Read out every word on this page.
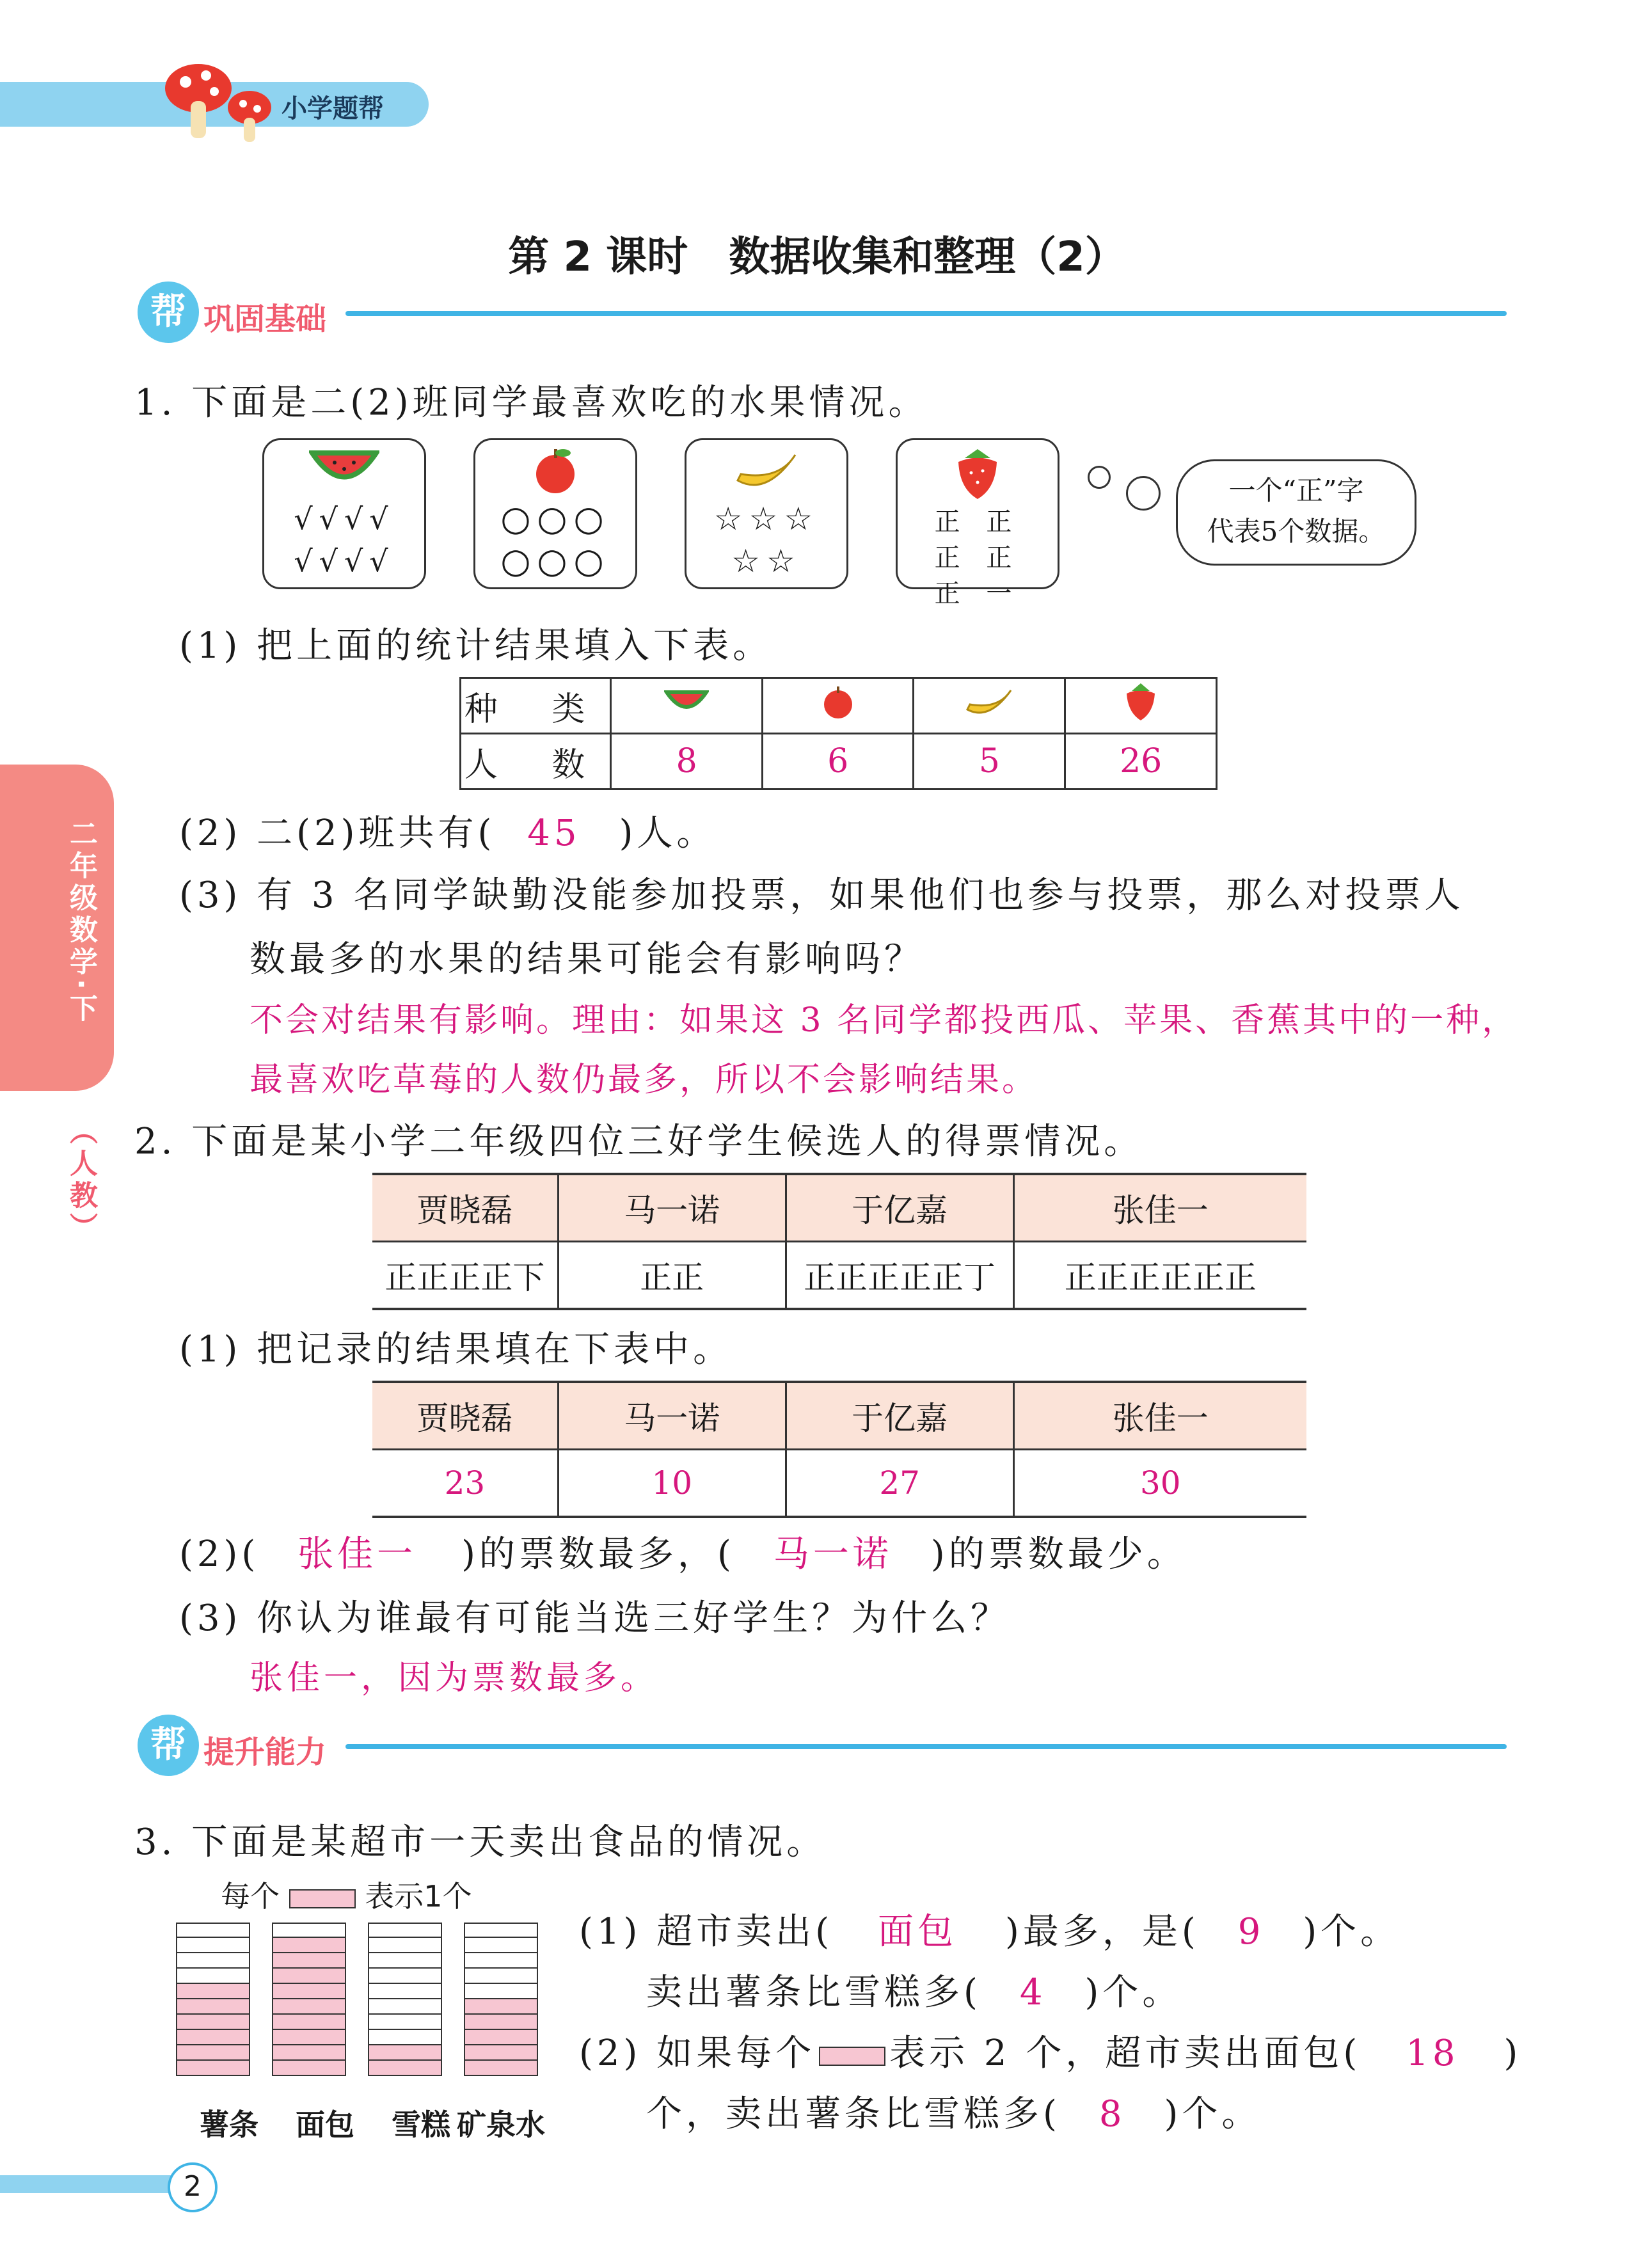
小学题帮
二年级数学·下
（人教）
第 2 课时　数据收集和整理（2）
帮 巩固基础
1. 下面是二(2)班同学最喜欢吃的水果情况。
√√√√ √√√√
○○○ ○○○
☆☆☆ ☆☆
正 正 正 正 正 一
一个“正”字
代表5个数据。
(1) 把上面的统计结果填入下表。
种 类				
人 数	8	6	5	26
(2) 二(2)班共有( 45 )人。
(3) 有 3 名同学缺勤没能参加投票，如果他们也参与投票，那么对投票人
数最多的水果的结果可能会有影响吗？
不会对结果有影响。理由：如果这 3 名同学都投西瓜、苹果、香蕉其中的一种，
最喜欢吃草莓的人数仍最多，所以不会影响结果。
2. 下面是某小学二年级四位三好学生候选人的得票情况。
贾晓磊	马一诺	于亿嘉	张佳一
正正正正下	正正	正正正正正丁	正正正正正正
(1) 把记录的结果填在下表中。
贾晓磊	马一诺	于亿嘉	张佳一
23	10	27	30
(2)( 张佳一 )的票数最多，( 马一诺 )的票数最少。
(3) 你认为谁最有可能当选三好学生？为什么？
张佳一，因为票数最多。
帮 提升能力
3. 下面是某超市一天卖出食品的情况。
每个	表示1个
薯条	面包	雪糕 矿泉水
(1) 超市卖出( 面包 )最多，是( 9 )个。
卖出薯条比雪糕多( 4 )个。
(2) 如果每个 表示 2 个，超市卖出面包( 18 )
个，卖出薯条比雪糕多( 8 )个。
2
